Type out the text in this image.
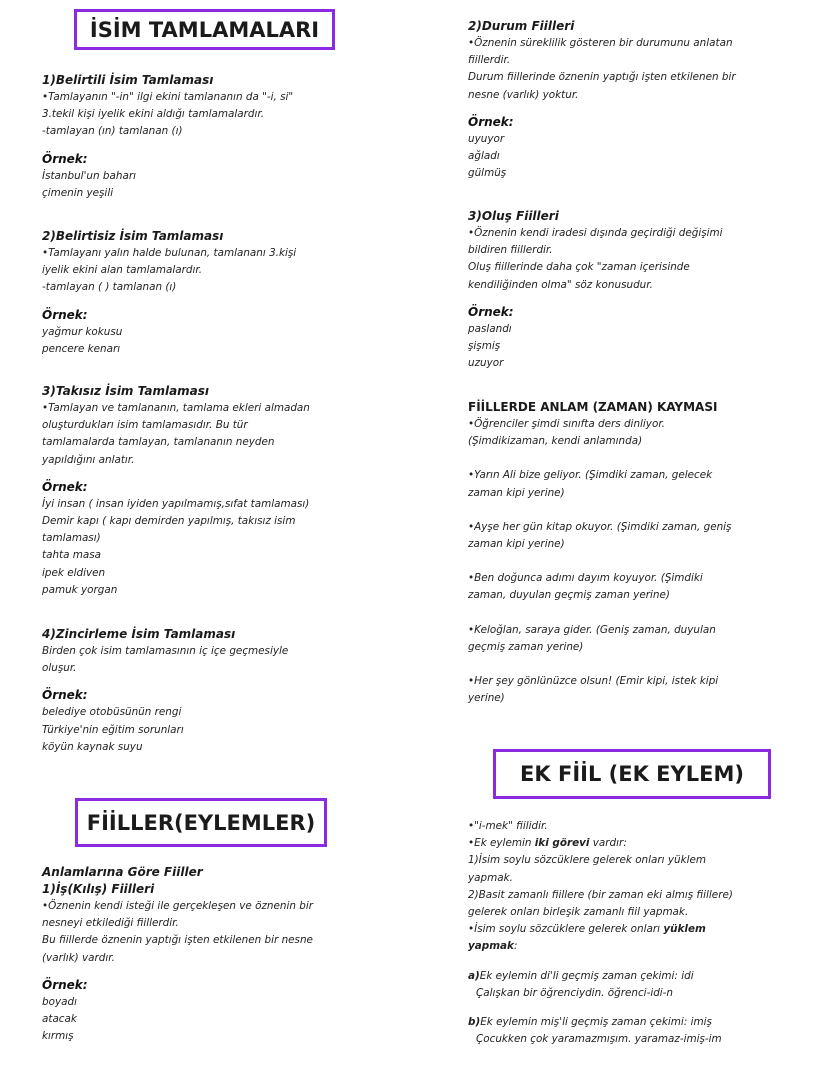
İSİM TAMLAMALARI
1)Belirtili İsim Tamlaması
•Tamlayanın "-in" ilgi ekini tamlananın da "-i, si"
3.tekil kişi iyelik ekini aldığı tamlamalardır.
-tamlayan (ın) tamlanan (ı)
Örnek:
İstanbul'un baharı
çimenin yeşili
2)Belirtisiz İsim Tamlaması
•Tamlayanı yalın halde bulunan, tamlananı 3.kişi
iyelik ekini alan tamlamalardır.
-tamlayan ( ) tamlanan (ı)
Örnek:
yağmur kokusu
pencere kenarı
3)Takısız İsim Tamlaması
•Tamlayan ve tamlananın, tamlama ekleri almadan
oluşturdukları isim tamlamasıdır. Bu tür
tamlamalarda tamlayan, tamlananın neyden
yapıldığını anlatır.
Örnek:
İyi insan ( insan iyiden yapılmamış,sıfat tamlaması)
Demir kapı ( kapı demirden yapılmış, takısız isim
tamlaması)
tahta masa
ipek eldiven
pamuk yorgan
4)Zincirleme İsim Tamlaması
Birden çok isim tamlamasının iç içe geçmesiyle
oluşur.
Örnek:
belediye otobüsünün rengi
Türkiye'nin eğitim sorunları
köyün kaynak suyu
FİİLLER(EYLEMLER)
Anlamlarına Göre Fiiller
1)İş(Kılış) Fiilleri
•Öznenin kendi isteği ile gerçekleşen ve öznenin bir
nesneyi etkilediği fiillerdir.
Bu fiillerde öznenin yaptığı işten etkilenen bir nesne
(varlık) vardır.
Örnek:
boyadı
atacak
kırmış
2)Durum Fiilleri
•Öznenin süreklilik gösteren bir durumunu anlatan
fiillerdir.
Durum fiillerinde öznenin yaptığı işten etkilenen bir
nesne (varlık) yoktur.
Örnek:
uyuyor
ağladı
gülmüş
3)Oluş Fiilleri
•Öznenin kendi iradesi dışında geçirdiği değişimi
bildiren fiillerdir.
Oluş fiillerinde daha çok "zaman içerisinde
kendiliğinden olma" söz konusudur.
Örnek:
paslandı
şişmiş
uzuyor
FİİLLERDE ANLAM (ZAMAN) KAYMASI
•Öğrenciler şimdi sınıfta ders dinliyor.
(Şimdikizaman, kendi anlamında)
•Yarın Ali bize geliyor. (Şimdiki zaman, gelecek
zaman kipi yerine)
•Ayşe her gün kitap okuyor. (Şimdiki zaman, geniş
zaman kipi yerine)
•Ben doğunca adımı dayım koyuyor. (Şimdiki
zaman, duyulan geçmiş zaman yerine)
•Keloğlan, saraya gider. (Geniş zaman, duyulan
geçmiş zaman yerine)
•Her şey gönlünüzce olsun! (Emir kipi, istek kipi
yerine)
EK FİİL (EK EYLEM)
•"i-mek" fiilidir.
•Ek eylemin iki görevi vardır:
1)İsim soylu sözcüklere gelerek onları yüklem
yapmak.
2)Basit zamanlı fiillere (bir zaman eki almış fiillere)
gelerek onları birleşik zamanlı fiil yapmak.
•İsim soylu sözcüklere gelerek onları yüklem
yapmak:
a)Ek eylemin di'li geçmiş zaman çekimi: idi
Çalışkan bir öğrenciydin. öğrenci-idi-n
b)Ek eylemin miş'li geçmiş zaman çekimi: imiş
Çocukken çok yaramazmışım. yaramaz-imiş-im
